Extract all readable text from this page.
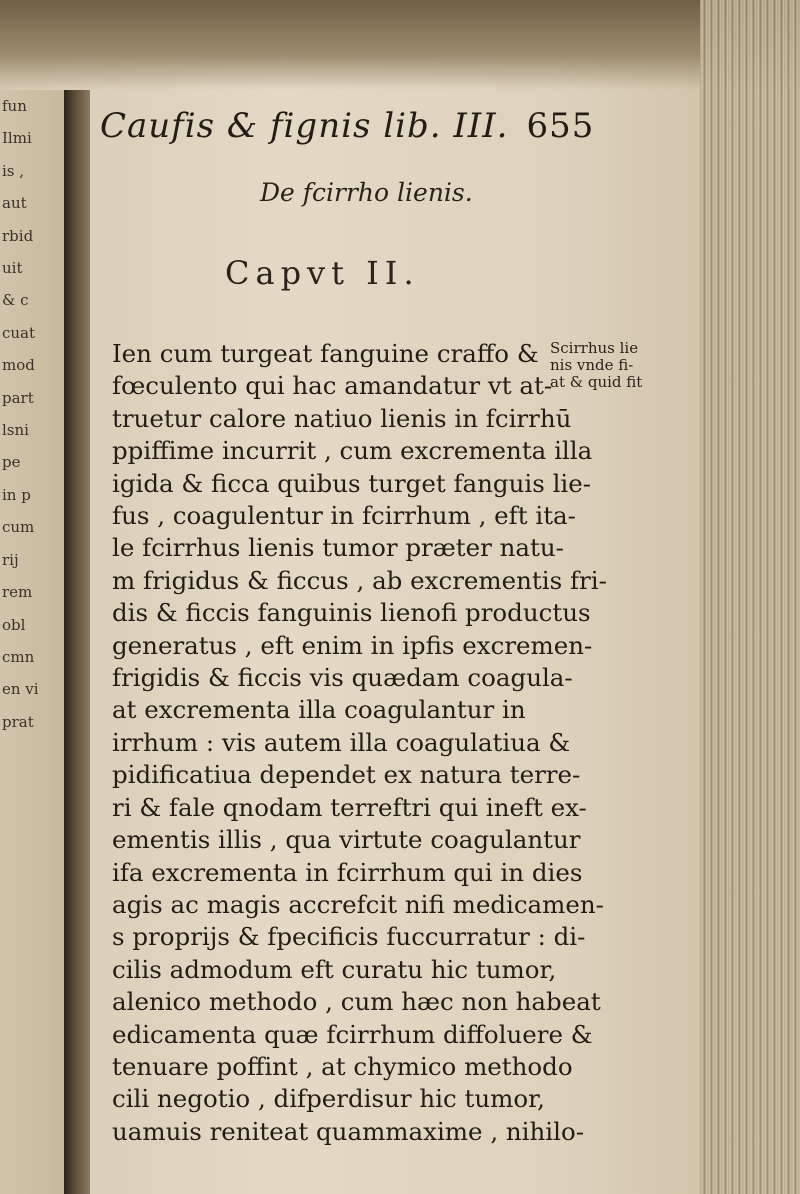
fun
Ilmi
is ,
aut
rbid
uit
& c
cuat
mod
part
lsni
pe
in p
cum
rij
rem
obl
cmn
en vi
prat
Caufis & fignis lib. III. 655
De fcirrho lienis.
Capvt II.
Ien cum turgeat fanguine craffo &
fœculento qui hac amandatur vt at-
truetur calore natiuo lienis in fcirrhū
ppiffime incurrit , cum excrementa illa
igida & ficca quibus turget fanguis lie-
fus , coagulentur in fcirrhum , eft ita-
le fcirrhus lienis tumor præter natu-
m frigidus & ficcus , ab excrementis fri-
dis & ficcis fanguinis lienofi productus
generatus , eft enim in ipfis excremen-
frigidis & ficcis vis quædam coagula-
at excrementa illa coagulantur in
irrhum : vis autem illa coagulatiua &
pidificatiua dependet ex natura terre-
ri & fale qnodam terreftri qui ineft ex-
ementis illis , qua virtute coagulantur
ifa excrementa in fcirrhum qui in dies
agis ac magis accrefcit nifi medicamen-
s proprijs & fpecificis fuccurratur : di-
cilis admodum eft curatu hic tumor,
alenico methodo , cum hæc non habeat
edicamenta quæ fcirrhum diffoluere &
tenuare poffint , at chymico methodo
cili negotio , difperdisur hic tumor,
uamuis reniteat quammaxime , nihilo-
Scirrhus lie
nis vnde fi-
at & quid fit
